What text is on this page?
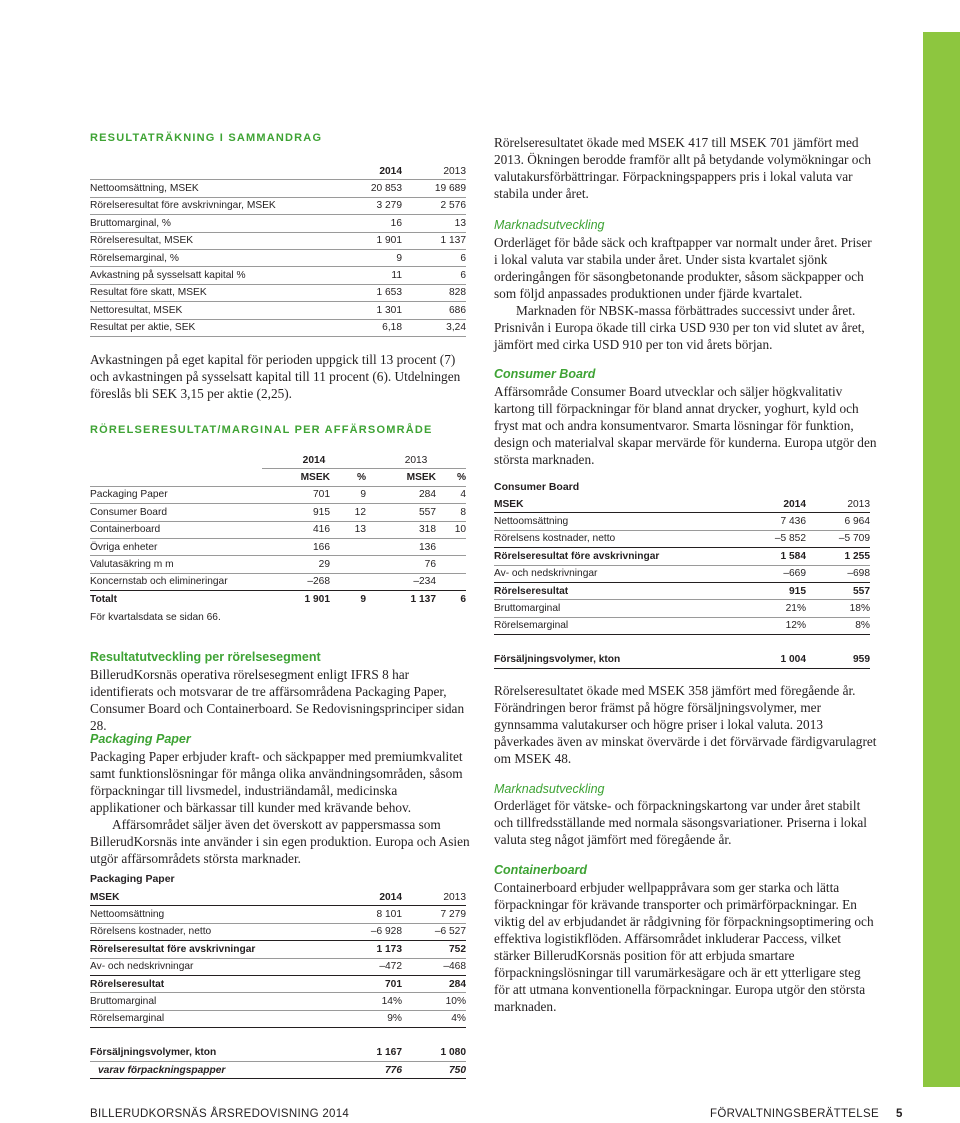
RESULTATRÄKNING I SAMMANDRAG
	2014	2013
Nettoomsättning, MSEK	20 853	19 689
Rörelseresultat före avskrivningar, MSEK	3 279	2 576
Bruttomarginal, %	16	13
Rörelseresultat, MSEK	1 901	1 137
Rörelsemarginal, %	9	6
Avkastning på sysselsatt kapital %	11	6
Resultat före skatt, MSEK	1 653	828
Nettoresultat, MSEK	1 301	686
Resultat per aktie, SEK	6,18	3,24

Avkastningen på eget kapital för perioden uppgick till 13 procent (7) och avkastningen på sysselsatt kapital till 11 procent (6). Utdelningen föreslås bli SEK 3,15 per aktie (2,25).

RÖRELSERESULTAT/MARGINAL PER AFFÄRSOMRÅDE
	2014		2013	
	MSEK	%	MSEK	%
Packaging Paper	701	9	284	4
Consumer Board	915	12	557	8
Containerboard	416	13	318	10
Övriga enheter	166		136	
Valutasäkring m m	29		76	
Koncernstab och elimineringar	–268		–234	
Totalt	1 901	9	1 137	6
För kvartalsdata se sidan 66.
Resultatutveckling per rörelsesegment

BillerudKorsnäs operativa rörelsesegment enligt IFRS 8 har identifierats och motsvarar de tre affärsområdena Packaging Paper, Consumer Board och Containerboard. Se Redovisningsprinciper sidan 28.

Packaging Paper

Packaging Paper erbjuder kraft- och säckpapper med premiumkvalitet samt funktionslösningar för många olika användningsområden, såsom förpackningar till livsmedel, industriändamål, medicinska applikationer och bärkassar till kunder med krävande behov.

Affärsområdet säljer även det överskott av pappersmassa som BillerudKorsnäs inte använder i sin egen produktion. Europa och Asien utgör affärsområdets största marknader.

Packaging Paper
MSEK	2014	2013
Nettoomsättning	8 101	7 279
Rörelsens kostnader, netto	–6 928	–6 527
Rörelseresultat före avskrivningar	1 173	752
Av- och nedskrivningar	–472	–468
Rörelseresultat	701	284
Bruttomarginal	14%	10%
Rörelsemarginal	9%	4%

Försäljningsvolymer, kton	1 167	1 080
varav förpackningspapper	776	750

Rörelseresultatet ökade med MSEK 417 till MSEK 701 jämfört med 2013. Ökningen berodde framför allt på betydande volymökningar och valutakursförbättringar. Förpackningspappers pris i lokal valuta var stabila under året.

Marknadsutveckling

Orderläget för både säck och kraftpapper var normalt under året. Priser i lokal valuta var stabila under året. Under sista kvartalet sjönk orderingången för säsongbetonande produkter, såsom säckpapper och som följd anpassades produktionen under fjärde kvartalet.

Marknaden för NBSK-massa förbättrades successivt under året. Prisnivån i Europa ökade till cirka USD 930 per ton vid slutet av året, jämfört med cirka USD 910 per ton vid årets början.

Consumer Board

Affärsområde Consumer Board utvecklar och säljer högkvalitativ kartong till förpackningar för bland annat drycker, yoghurt, kyld och fryst mat och andra konsumentvaror. Smarta lösningar för funktion, design och materialval skapar mervärde för kunderna. Europa utgör den största marknaden.

Consumer Board
MSEK	2014	2013
Nettoomsättning	7 436	6 964
Rörelsens kostnader, netto	–5 852	–5 709
Rörelseresultat före avskrivningar	1 584	1 255
Av- och nedskrivningar	–669	–698
Rörelseresultat	915	557
Bruttomarginal	21%	18%
Rörelsemarginal	12%	8%

Försäljningsvolymer, kton	1 004	959

Rörelseresultatet ökade med MSEK 358 jämfört med föregående år. Förändringen beror främst på högre försäljningsvolymer, mer gynnsamma valutakurser och högre priser i lokal valuta. 2013 påverkades även av minskat övervärde i det förvärvade färdigvarulagret om MSEK 48.

Marknadsutveckling

Orderläget för vätske- och förpackningskartong var under året stabilt och tillfredsställande med normala säsongsvariationer. Priserna i lokal valuta steg något jämfört med föregående år.

Containerboard

Containerboard erbjuder wellpappråvara som ger starka och lätta förpackningar för krävande transporter och primärförpackningar. En viktig del av erbjudandet är rådgivning för förpackningsoptimering och effektiva logistikflöden. Affärsområdet inkluderar Paccess, vilket stärker BillerudKorsnäs position för att erbjuda smartare förpackningslösningar till varumärkesägare och är ett ytterligare steg för att utmana konventionella förpackningar. Europa utgör den största marknaden.

BILLERUDKORSNÄS ÅRSREDOVISNING 2014	FÖRVALTNINGSBERÄTTELSE 5
